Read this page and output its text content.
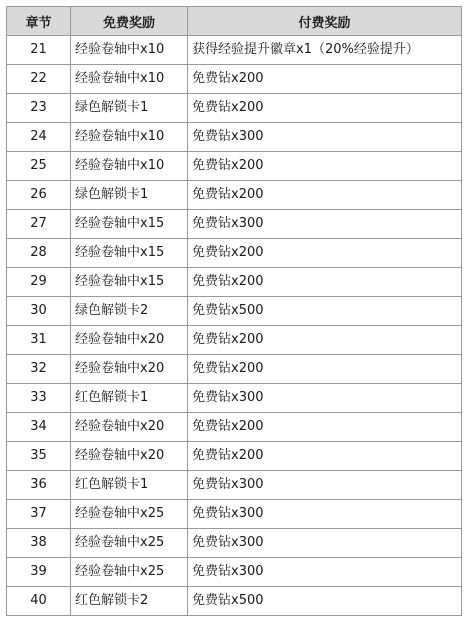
章节	免费奖励	付费奖励
21	经验卷轴中x10	获得经验提升徽章x1（20%经验提升）
22	经验卷轴中x10	免费钻x200
23	绿色解锁卡1	免费钻x200
24	经验卷轴中x10	免费钻x300
25	经验卷轴中x10	免费钻x200
26	绿色解锁卡1	免费钻x200
27	经验卷轴中x15	免费钻x300
28	经验卷轴中x15	免费钻x200
29	经验卷轴中x15	免费钻x200
30	绿色解锁卡2	免费钻x500
31	经验卷轴中x20	免费钻x200
32	经验卷轴中x20	免费钻x200
33	红色解锁卡1	免费钻x300
34	经验卷轴中x20	免费钻x200
35	经验卷轴中x20	免费钻x200
36	红色解锁卡1	免费钻x300
37	经验卷轴中x25	免费钻x300
38	经验卷轴中x25	免费钻x300
39	经验卷轴中x25	免费钻x300
40	红色解锁卡2	免费钻x500
